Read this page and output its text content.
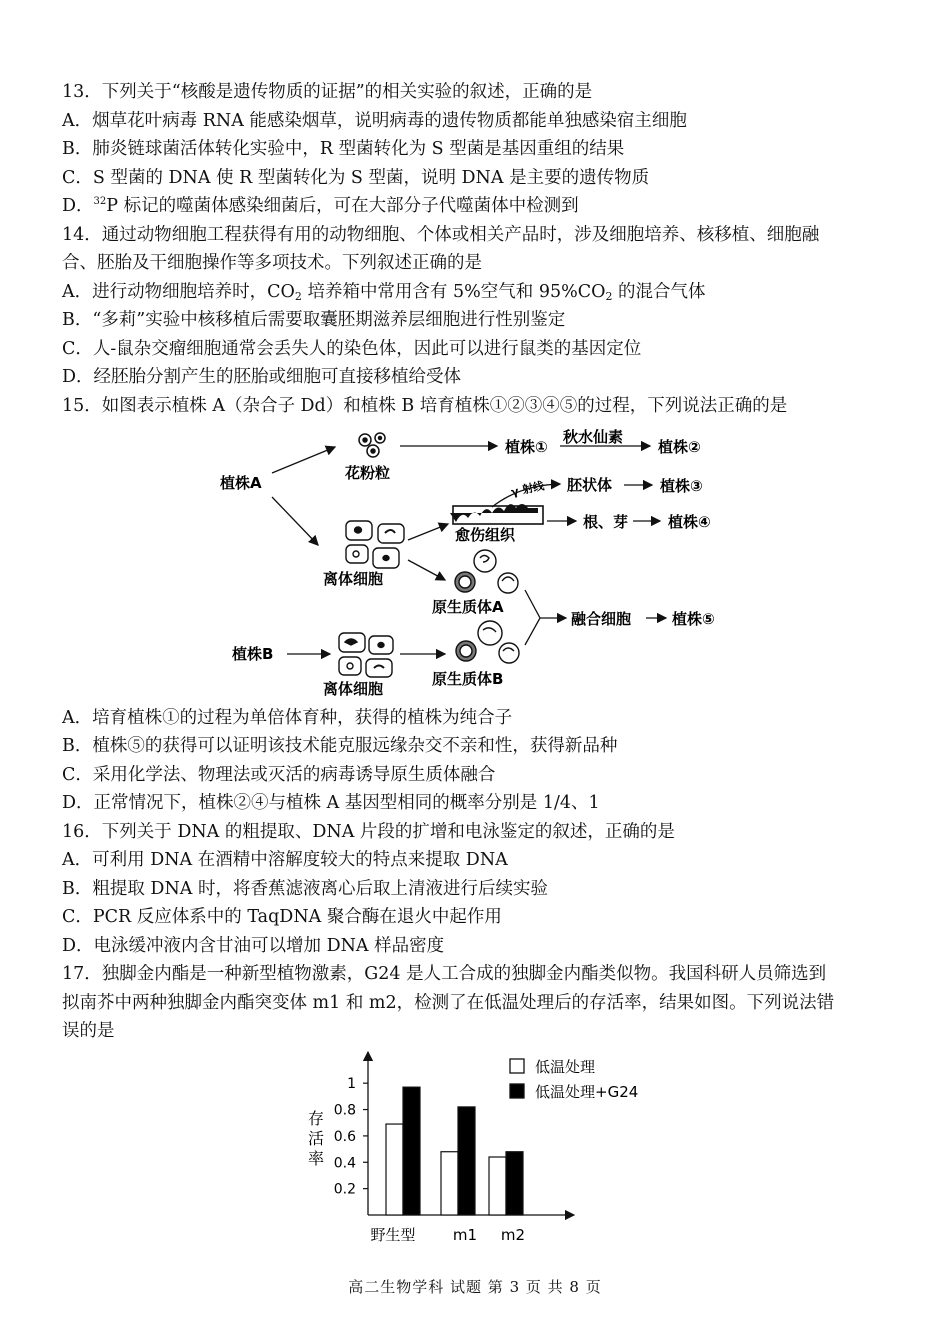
13．下列关于“核酸是遗传物质的证据”的相关实验的叙述，正确的是
A．烟草花叶病毒 RNA 能感染烟草，说明病毒的遗传物质都能单独感染宿主细胞
B．肺炎链球菌活体转化实验中，R 型菌转化为 S 型菌是基因重组的结果
C．S 型菌的 DNA 使 R 型菌转化为 S 型菌，说明 DNA 是主要的遗传物质
D．$^{32}$P 标记的噬菌体感染细菌后，可在大部分子代噬菌体中检测到
14．通过动物细胞工程获得有用的动物细胞、个体或相关产品时，涉及细胞培养、核移植、细胞融
合、胚胎及干细胞操作等多项技术。下列叙述正确的是
A．进行动物细胞培养时，$CO_2$ 培养箱中常用含有 5%空气和 $95\%CO_2$ 的混合气体
B．“多莉”实验中核移植后需要取囊胚期滋养层细胞进行性别鉴定
C．人-鼠杂交瘤细胞通常会丢失人的染色体，因此可以进行鼠类的基因定位
D．经胚胎分割产生的胚胎或细胞可直接移植给受体
15．如图表示植株 A（杂合子 Dd）和植株 B 培育植株①②③④⑤的过程，下列说法正确的是
植株A
植株B
花粉粒
秋水仙素
植株①	植株②
γ 射线 胚状体	植株③
愈伤组织
根、芽	植株④
离体细胞
离体细胞
原生质体A
原生质体B
融合细胞	植株⑤
A．培育植株①的过程为单倍体育种，获得的植株为纯合子
B．植株⑤的获得可以证明该技术能克服远缘杂交不亲和性，获得新品种
C．采用化学法、物理法或灭活的病毒诱导原生质体融合
D．正常情况下，植株②④与植株 A 基因型相同的概率分别是 1/4、1
16．下列关于 DNA 的粗提取、DNA 片段的扩增和电泳鉴定的叙述，正确的是
A．可利用 DNA 在酒精中溶解度较大的特点来提取 DNA
B．粗提取 DNA 时，将香蕉滤液离心后取上清液进行后续实验
C．PCR 反应体系中的 TaqDNA 聚合酶在退火中起作用
D．电泳缓冲液内含甘油可以增加 DNA 样品密度
17．独脚金内酯是一种新型植物激素，G24 是人工合成的独脚金内酯类似物。我国科研人员筛选到
拟南芥中两种独脚金内酯突变体 m1 和 m2，检测了在低温处理后的存活率，结果如图。下列说法错
误的是
存
活
率
0.2
0.4
0.6
0.8
1
野生型 m1 m2
低温处理
低温处理+G24
高二生物学科 试题 第 3 页 共 8 页
